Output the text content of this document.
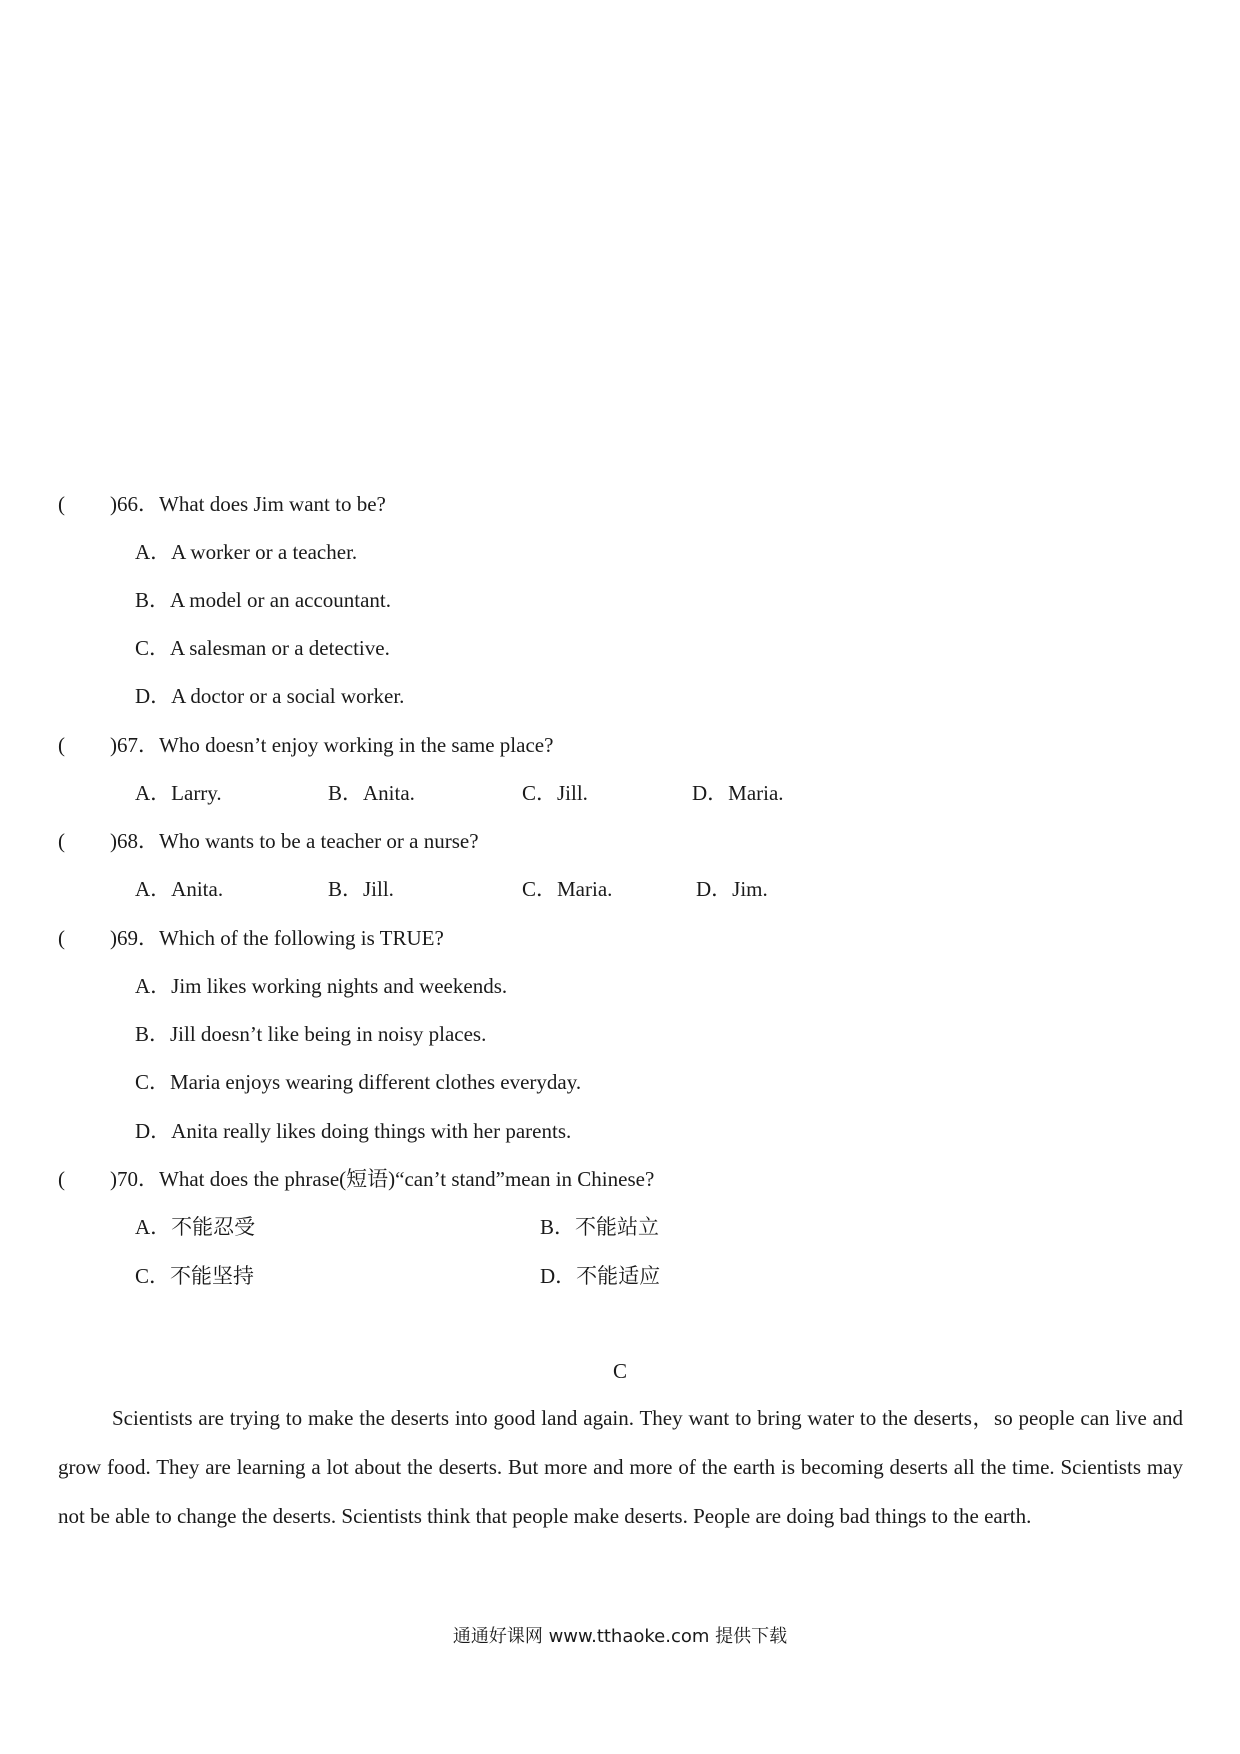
( )66．What does Jim want to be?
A．A worker or a teacher.
B．A model or an accountant.
C．A salesman or a detective.
D．A doctor or a social worker.
( )67．Who doesn’t enjoy working in the same place?
A．Larry.	B．Anita.	C．Jill.	D．Maria.
( )68．Who wants to be a teacher or a nurse?
A．Anita.	B．Jill.	C．Maria.	D．Jim.
( )69．Which of the following is TRUE?
A．Jim likes working nights and weekends.
B．Jill doesn’t like being in noisy places.
C．Maria enjoys wearing different clothes everyday.
D．Anita really likes doing things with her parents.
( )70．What does the phrase(短语)“can’t stand”mean in Chinese?
A．不能忍受	B．不能站立
C．不能坚持	D．不能适应
C
Scientists are trying to make the deserts into good land again. They want to bring water to the deserts，so people can live and grow food. They are learning a lot about the deserts. But more and more of the earth is becoming deserts all the time. Scientists may not be able to change the deserts. Scientists think that people make deserts. People are doing bad things to the earth.
通通好课网 www.tthaoke.com 提供下载
